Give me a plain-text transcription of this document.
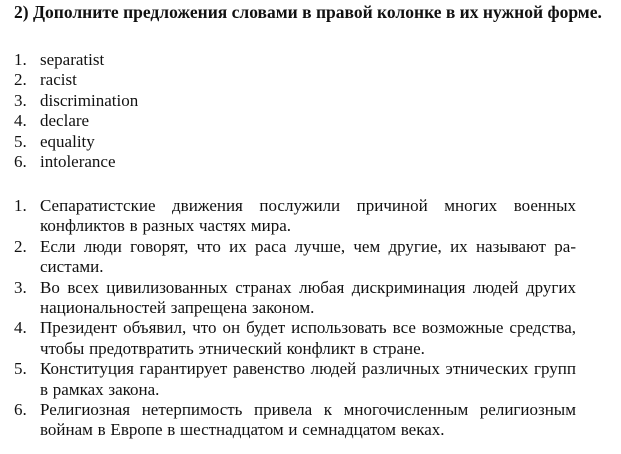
2) Дополните предложения словами в правой колонке в их нужной форме.
1. separatist
2. racist
3. discrimination
4. declare
5. equality
6. intolerance
1. Сепаратистские движения послужили причиной многих военных конфликтов в разных частях мира.
2. Если люди говорят, что их раса лучше, чем другие, их называют расистами.
3. Во всех цивилизованных странах любая дискриминация людей других национальностей запрещена законом.
4. Президент объявил, что он будет использовать все возможные средства, чтобы предотвратить этнический конфликт в стране.
5. Конституция гарантирует равенство людей различных этнических групп в рамках закона.
6. Религиозная нетерпимость привела к многочисленным религиозным войнам в Европе в шестнадцатом и семнадцатом веках.
